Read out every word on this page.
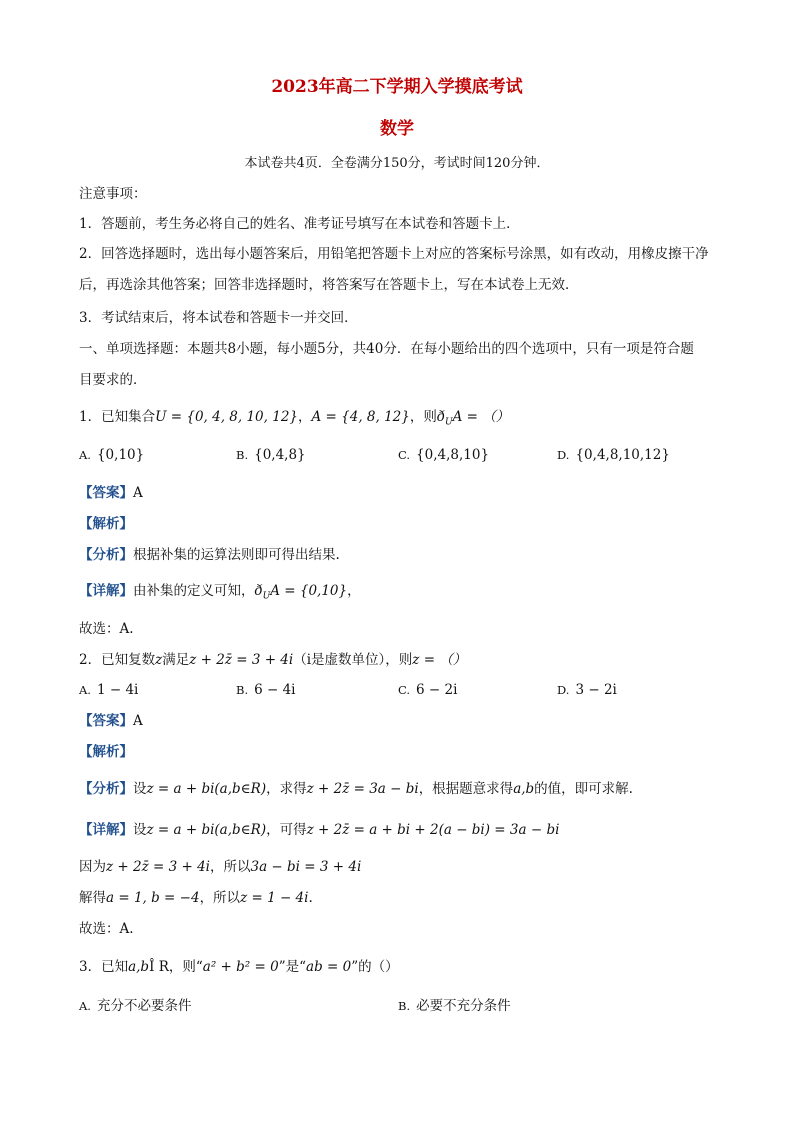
2023年高二下学期入学摸底考试
数学
本试卷共4页．全卷满分150分，考试时间120分钟．
注意事项：
1．答题前，考生务必将自己的姓名、准考证号填写在本试卷和答题卡上．
2．回答选择题时，选出每小题答案后，用铅笔把答题卡上对应的答案标号涂黑，如有改动，用橡皮擦干净
后，再选涂其他答案；回答非选择题时，将答案写在答题卡上，写在本试卷上无效．
3．考试结束后，将本试卷和答题卡一并交回．
一、单项选择题：本题共8小题，每小题5分，共40分．在每小题给出的四个选项中，只有一项是符合题
目要求的．
1．已知集合U = {0, 4, 8, 10, 12}，A = {4, 8, 12}，则$ð_UA$ = （）
A. {0,10}	B. {0,4,8}	C. {0,4,8,10}	D. {0,4,8,10,12}
【答案】A
【解析】
【分析】根据补集的运算法则即可得出结果.
【详解】由补集的定义可知，$ð_UA = \{0,10\}$，
故选：A.
2．已知复数z满足z + 2z̄ = 3 + 4i（i是虚数单位），则z = （）
A. 1 − 4i	B. 6 − 4i	C. 6 − 2i	D. 3 − 2i
【答案】A
【解析】
【分析】设z = a + bi(a,b∈R)，求得z + 2z̄ = 3a − bi，根据题意求得a,b的值，即可求解.
【详解】设z = a + bi(a,b∈R)，可得z + 2z̄ = a + bi + 2(a − bi) = 3a − bi
因为z + 2z̄ = 3 + 4i，所以3a − bi = 3 + 4i
解得a = 1, b = −4，所以z = 1 − 4i.
故选：A.
3．已知a,bÎ R，则“a² + b² = 0”是“ab = 0”的（）
A. 充分不必要条件	B. 必要不充分条件
